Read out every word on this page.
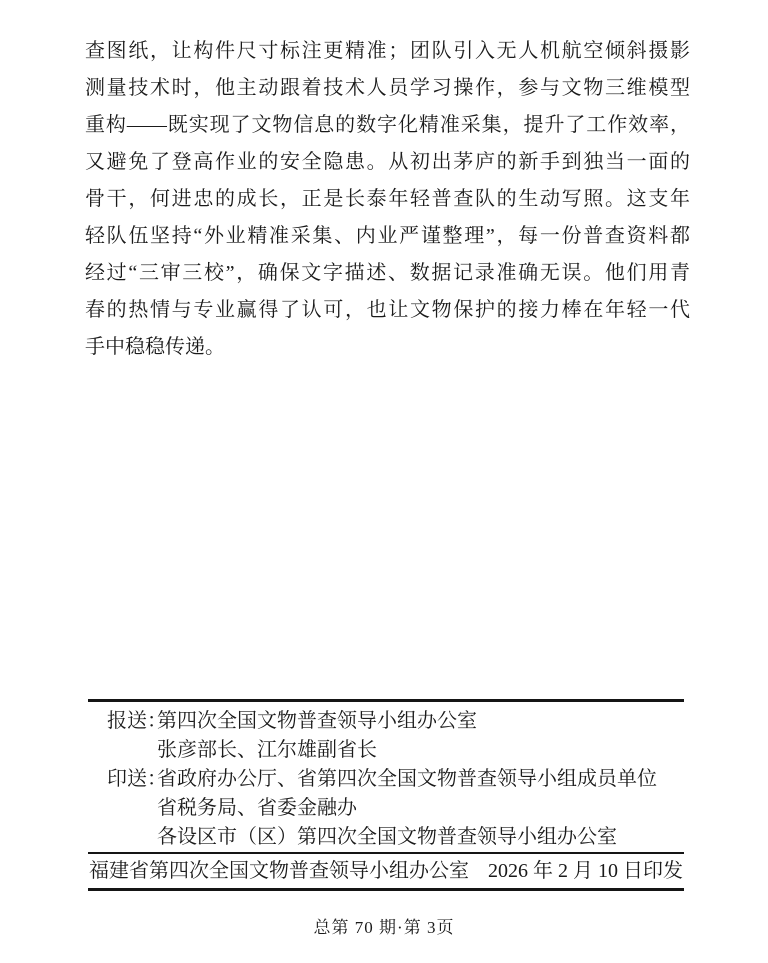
查图纸，让构件尺寸标注更精准；团队引入无人机航空倾斜摄影
测量技术时，他主动跟着技术人员学习操作，参与文物三维模型
重构——既实现了文物信息的数字化精准采集，提升了工作效率，
又避免了登高作业的安全隐患。从初出茅庐的新手到独当一面的
骨干，何进忠的成长，正是长泰年轻普查队的生动写照。这支年
轻队伍坚持“外业精准采集、内业严谨整理”，每一份普查资料都
经过“三审三校”，确保文字描述、数据记录准确无误。他们用青
春的热情与专业赢得了认可，也让文物保护的接力棒在年轻一代
手中稳稳传递。
报送：
第四次全国文物普查领导小组办公室
张彦部长、江尔雄副省长
印送：
省政府办公厅、省第四次全国文物普查领导小组成员单位
省税务局、省委金融办
各设区市（区）第四次全国文物普查领导小组办公室
福建省第四次全国文物普查领导小组办公室 2026 年 2 月 10 日印发
总第 70 期·第 3页
